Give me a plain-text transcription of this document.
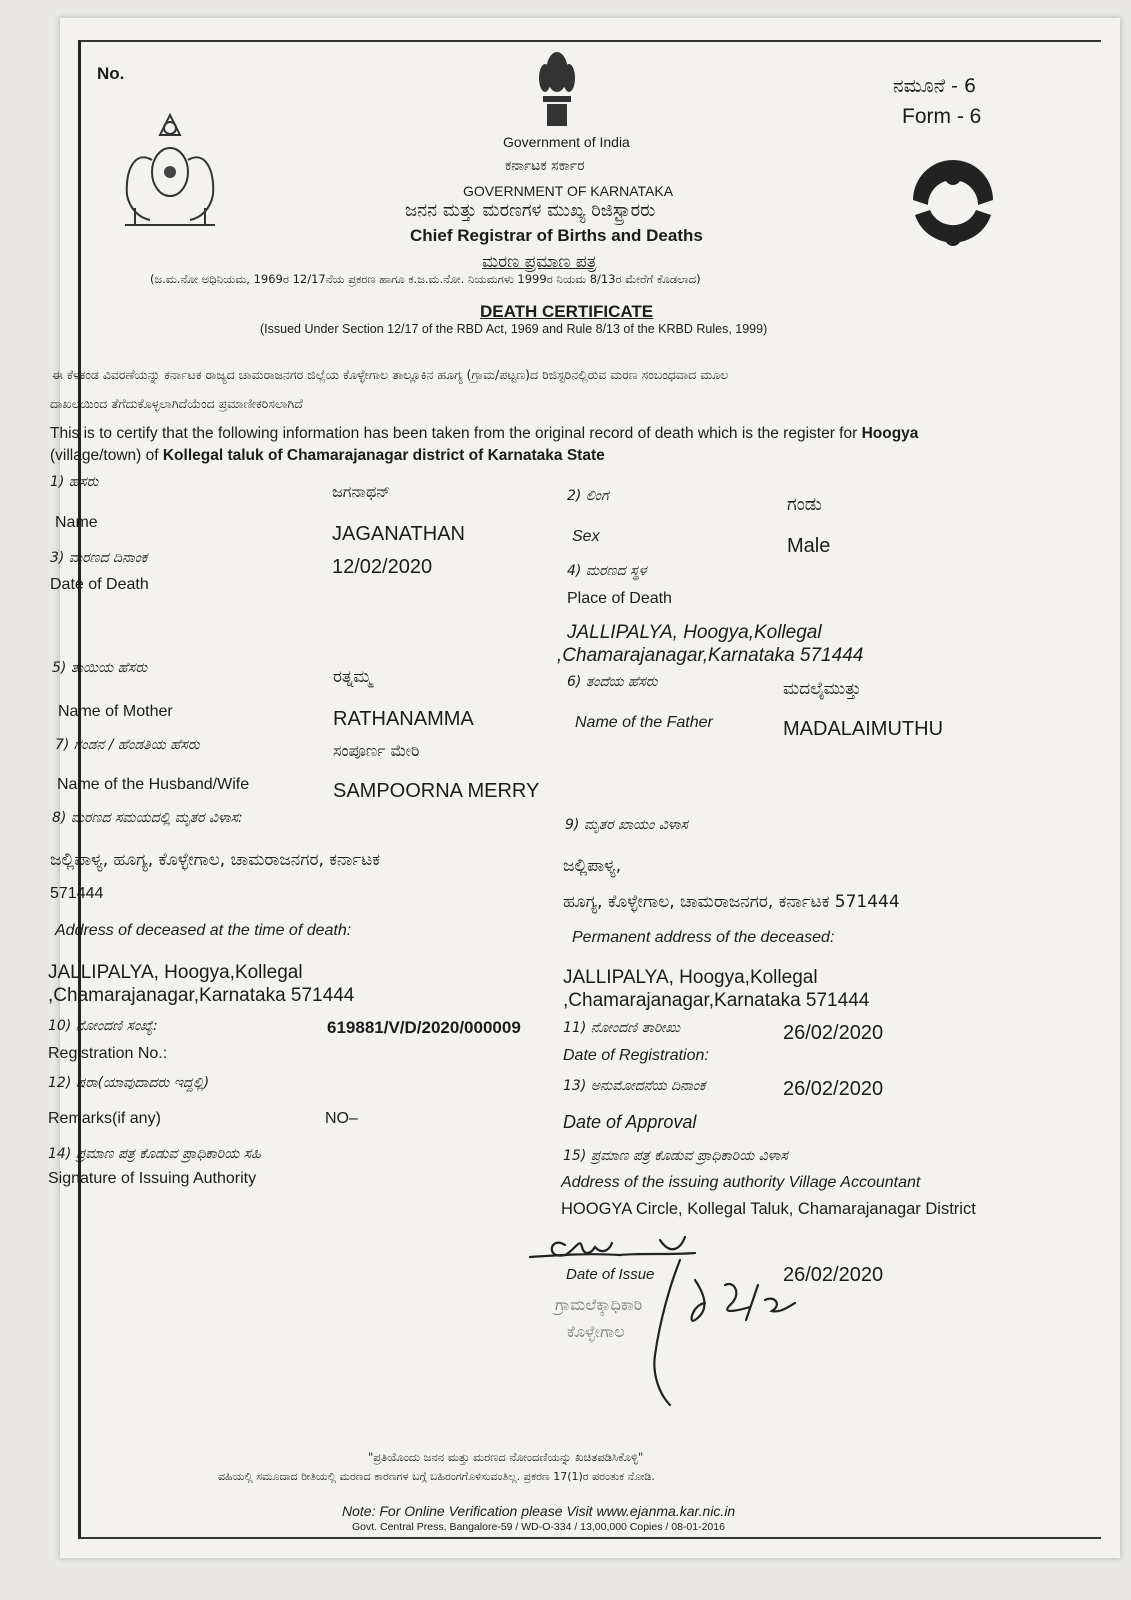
No.
ನಮೂನೆ - 6
Form - 6
Government of India
ಕರ್ನಾಟಕ ಸರ್ಕಾರ
GOVERNMENT OF KARNATAKA
ಜನನ ಮತ್ತು ಮರಣಗಳ ಮುಖ್ಯ ರಿಜಿಸ್ಟ್ರಾರರು
Chief Registrar of Births and Deaths
ಮರಣ ಪ್ರಮಾಣ ಪತ್ರ
(ಜ.ಮ.ನೋ ಅಧಿನಿಯಮ, 1969ರ 12/17ನೆಯ ಪ್ರಕರಣ ಹಾಗೂ ಕ.ಜ.ಮ.ನೋ. ನಿಯಮಗಳು 1999ರ ನಿಯಮ 8/13ರ ಮೇರೆಗೆ ಕೊಡಲಾದ)
DEATH CERTIFICATE
(Issued Under Section 12/17 of the RBD Act, 1969 and Rule 8/13 of the KRBD Rules, 1999)
ಈ ಕೆಳಕಂಡ ವಿವರಣೆಯನ್ನು ಕರ್ನಾಟಕ ರಾಜ್ಯದ ಚಾಮರಾಜನಗರ ಜಿಲ್ಲೆಯ ಕೊಳ್ಳೇಗಾಲ ತಾಲ್ಲೂಕಿನ ಹೂಗ್ಯ (ಗ್ರಾಮ/ಪಟ್ಟಣ)ದ ರಿಜಿಸ್ಟರಿನಲ್ಲಿರುವ ಮರಣ ಸಂಬಂಧವಾದ ಮೂಲ
ದಾಖಲೆಯಿಂದ ತೆಗೆದುಕೊಳ್ಳಲಾಗಿದೆಯೆಂದ ಪ್ರಮಾಣೀಕರಿಸಲಾಗಿದೆ
This is to certify that the following information has been taken from the original record of death which is the register for Hoogya
(village/town) of Kollegal taluk of Chamarajanagar district of Karnataka State
1) ಹೆಸರು
Name
ಜಗನಾಥನ್
JAGANATHAN
2) ಲಿಂಗ
Sex
ಗಂಡು
Male
3) ಮರಣದ ದಿನಾಂಕ
Date of Death
12/02/2020	4) ಮರಣದ ಸ್ಥಳ
Place of Death
JALLIPALYA, Hoogya,Kollegal
,Chamarajanagar,Karnataka 571444
5) ತಾಯಿಯ ಹೆಸರು
Name of Mother
ರತ್ನಮ್ಮ
RATHANAMMA
6) ತಂದೆಯ ಹೆಸರು
Name of the Father
ಮದಲೈಮುತ್ತು
MADALAIMUTHU
7) ಗಂಡನ / ಹೆಂಡತಿಯ ಹೆಸರು
Name of the Husband/Wife
ಸಂಪೂರ್ಣ ಮೇರಿ
SAMPOORNA MERRY
8) ಮರಣದ ಸಮಯದಲ್ಲಿ ಮೃತರ ವಿಳಾಸ:
ಜಲ್ಲಿಪಾಳ್ಯ, ಹೂಗ್ಯ, ಕೊಳ್ಳೇಗಾಲ, ಚಾಮರಾಜನಗರ, ಕರ್ನಾಟಕ
571444
Address of deceased at the time of death:
JALLIPALYA, Hoogya,Kollegal
,Chamarajanagar,Karnataka 571444
9) ಮೃತರ ಖಾಯಂ ವಿಳಾಸ
ಜಲ್ಲಿಪಾಳ್ಯ,
ಹೂಗ್ಯ, ಕೊಳ್ಳೇಗಾಲ, ಚಾಮರಾಜನಗರ, ಕರ್ನಾಟಕ 571444
Permanent address of the deceased:
JALLIPALYA, Hoogya,Kollegal
,Chamarajanagar,Karnataka 571444
10) ನೋಂದಣಿ ಸಂಖ್ಯೆ:
Registration No.:
619881/V/D/2020/000009	11) ನೋಂದಣಿ ತಾರೀಖು
Date of Registration:
26/02/2020
12) ಷರಾ(ಯಾವುದಾದರು ಇದ್ದಲ್ಲಿ)
Remarks(if any)	NO–
13) ಅನುಮೋದನೆಯ ದಿನಾಂಕ
Date of Approval
26/02/2020
14) ಪ್ರಮಾಣ ಪತ್ರ ಕೊಡುವ ಪ್ರಾಧಿಕಾರಿಯ ಸಹಿ
Signature of Issuing Authority
15) ಪ್ರಮಾಣ ಪತ್ರ ಕೊಡುವ ಪ್ರಾಧಿಕಾರಿಯ ವಿಳಾಸ
Address of the issuing authority Village Accountant
HOOGYA Circle, Kollegal Taluk, Chamarajanagar District
ಗ್ರಾಮಲೆಕ್ಕಾಧಿಕಾರಿ
ಕೊಳ್ಳೇಗಾಲ
Date of Issue	26/02/2020
"ಪ್ರತಿಯೊಂದು ಜನನ ಮತ್ತು ಮರಣದ ನೋಂದಣಿಯನ್ನು ಖಚಿತಪಡಿಸಿಕೊಳ್ಳಿ"
ವಹಿಯಲ್ಲಿ ಸಮೂದಾದ ರೀತಿಯಲ್ಲಿ ಮರಣದ ಕಾರಣಗಳ ಬಗ್ಗೆ ಬಹಿರಂಗಗೊಳಿಸುವಂತಿಲ್ಲ. ಪ್ರಕರಣ 17(1)ರ ಪರಂತುಕ ನೋಡಿ.
Note: For Online Verification please Visit www.ejanma.kar.nic.in
Govt. Central Press, Bangalore-59 / WD-O-334 / 13,00,000 Copies / 08-01-2016
